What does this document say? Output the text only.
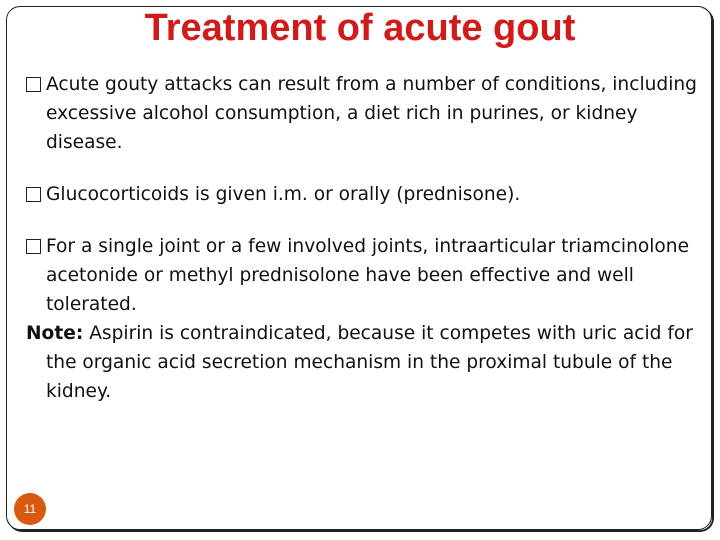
Treatment of acute gout

Acute gouty attacks can result from a number of conditions, including excessive alcohol consumption, a diet rich in purines, or kidney disease.

Glucocorticoids is given i.m. or orally (prednisone).

For a single joint or a few involved joints, intraarticular triamcinolone acetonide or methyl prednisolone have been effective and well tolerated.

Note: Aspirin is contraindicated, because it competes with uric acid for the organic acid secretion mechanism in the proximal tubule of the kidney.

11
